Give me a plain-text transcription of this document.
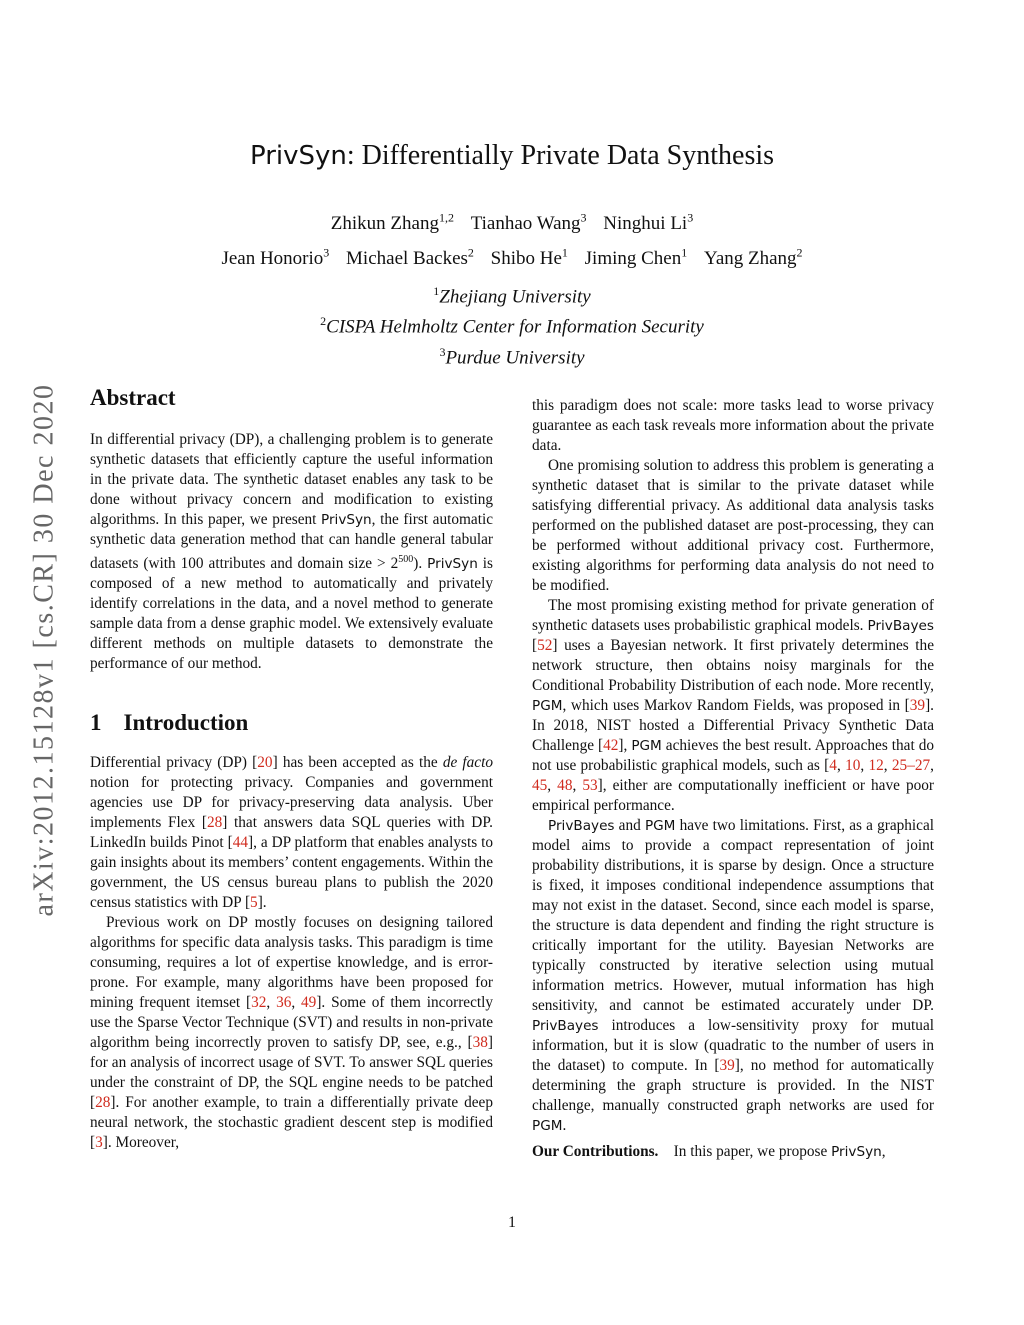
arXiv:2012.15128v1 [cs.CR] 30 Dec 2020
PrivSyn: Differentially Private Data Synthesis
Zhikun Zhang$^{1,2}$ Tianhao Wang$^3$ Ninghui Li$^3$
Jean Honorio$^3$ Michael Backes$^2$ Shibo He$^1$ Jiming Chen$^1$ Yang Zhang$^2$
$^1$Zhejiang University
$^2$CISPA Helmholtz Center for Information Security
$^3$Purdue University
Abstract

In differential privacy (DP), a challenging problem is to generate synthetic datasets that efficiently capture the useful information in the private data. The synthetic dataset enables any task to be done without privacy concern and modification to existing algorithms. In this paper, we present PrivSyn, the first automatic synthetic data generation method that can handle general tabular datasets (with 100 attributes and domain size > $2^{500}$). PrivSyn is composed of a new method to automatically and privately identify correlations in the data, and a novel method to generate sample data from a dense graphic model. We extensively evaluate different methods on multiple datasets to demonstrate the performance of our method.

1 Introduction

Differential privacy (DP) [20] has been accepted as the de facto notion for protecting privacy. Companies and government agencies use DP for privacy-preserving data analysis. Uber implements Flex [28] that answers data SQL queries with DP. LinkedIn builds Pinot [44], a DP platform that enables analysts to gain insights about its members’ content engagements. Within the government, the US census bureau plans to publish the 2020 census statistics with DP [5].

Previous work on DP mostly focuses on designing tailored algorithms for specific data analysis tasks. This paradigm is time consuming, requires a lot of expertise knowledge, and is error-prone. For example, many algorithms have been proposed for mining frequent itemset [32, 36, 49]. Some of them incorrectly use the Sparse Vector Technique (SVT) and results in non-private algorithm being incorrectly proven to satisfy DP, see, e.g., [38] for an analysis of incorrect usage of SVT. To answer SQL queries under the constraint of DP, the SQL engine needs to be patched [28]. For another example, to train a differentially private deep neural network, the stochastic gradient descent step is modified [3]. Moreover,

this paradigm does not scale: more tasks lead to worse privacy guarantee as each task reveals more information about the private data.

One promising solution to address this problem is generating a synthetic dataset that is similar to the private dataset while satisfying differential privacy. As additional data analysis tasks performed on the published dataset are post-processing, they can be performed without additional privacy cost. Furthermore, existing algorithms for performing data analysis do not need to be modified.

The most promising existing method for private generation of synthetic datasets uses probabilistic graphical models. PrivBayes [52] uses a Bayesian network. It first privately determines the network structure, then obtains noisy marginals for the Conditional Probability Distribution of each node. More recently, PGM, which uses Markov Random Fields, was proposed in [39]. In 2018, NIST hosted a Differential Privacy Synthetic Data Challenge [42], PGM achieves the best result. Approaches that do not use probabilistic graphical models, such as [4, 10, 12, 25–27, 45, 48, 53], either are computationally inefficient or have poor empirical performance.

PrivBayes and PGM have two limitations. First, as a graphical model aims to provide a compact representation of joint probability distributions, it is sparse by design. Once a structure is fixed, it imposes conditional independence assumptions that may not exist in the dataset. Second, since each model is sparse, the structure is data dependent and finding the right structure is critically important for the utility. Bayesian Networks are typically constructed by iterative selection using mutual information metrics. However, mutual information has high sensitivity, and cannot be estimated accurately under DP. PrivBayes introduces a low-sensitivity proxy for mutual information, but it is slow (quadratic to the number of users in the dataset) to compute. In [39], no method for automatically determining the graph structure is provided. In the NIST challenge, manually constructed graph networks are used for PGM.

Our Contributions.    In this paper, we propose PrivSyn,

1
